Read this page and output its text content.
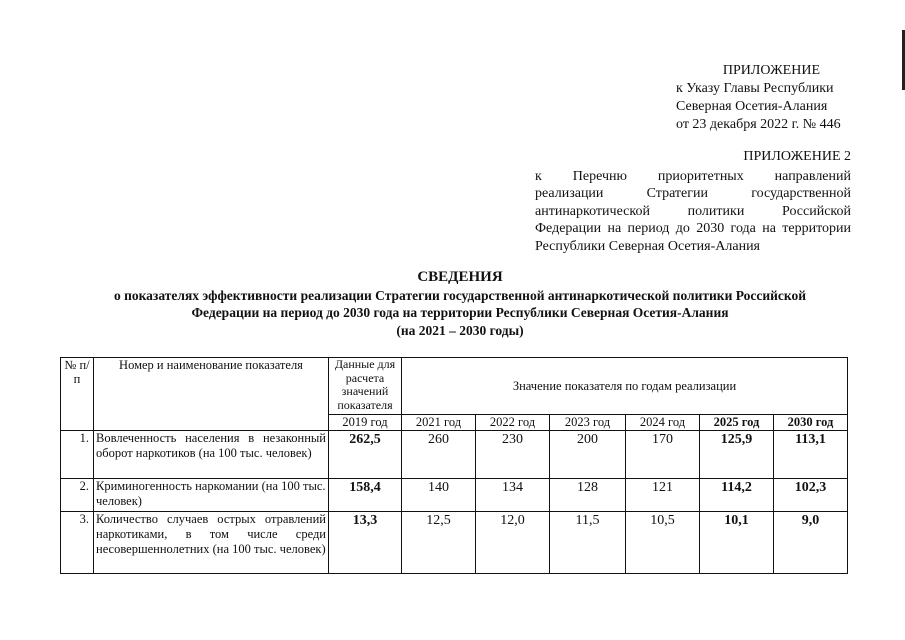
ПРИЛОЖЕНИЕ
к Указу Главы Республики
Северная Осетия-Алания
от 23 декабря 2022 г. № 446
ПРИЛОЖЕНИЕ 2
к Перечню приоритетных направлений
реализации Стратегии государственной
антинаркотической политики Российской
Федерации на период до 2030 года на территории
Республики Северная Осетия-Алания
СВЕДЕНИЯ
о показателях эффективности реализации Стратегии государственной антинаркотической политики Российской
Федерации на период до 2030 года на территории Республики Северная Осетия-Алания
(на 2021 – 2030 годы)
№ п/п	Номер и наименование показателя	Данные для расчета значений показателя	Значение показателя по годам реализации					
		2019 год	2021 год	2022 год	2023 год	2024 год	2025 год	2030 год
1.	Вовлеченность населения в незаконный оборот наркотиков (на 100 тыс. человек)	262,5	260	230	200	170	125,9	113,1
2.	Криминогенность наркомании (на 100 тыс. человек)	158,4	140	134	128	121	114,2	102,3
3.	Количество случаев острых отравлений наркотиками, в том числе среди несовершеннолетних (на 100 тыс. человек)	13,3	12,5	12,0	11,5	10,5	10,1	9,0
